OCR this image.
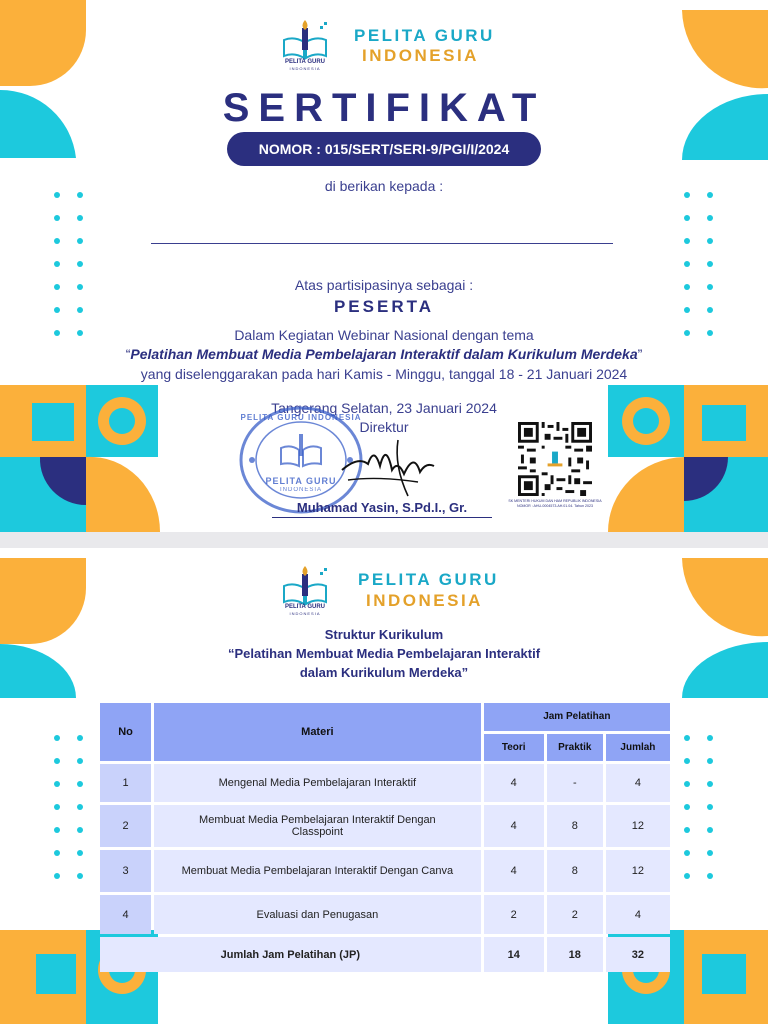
PELITA GURU
INDONESIA
PELITA GURU
INDONESIA
SERTIFIKAT
NOMOR : 015/SERT/SERI-9/PGI/I/2024
di berikan kepada :
Atas partisipasinya sebagai :
PESERTA
Dalam Kegiatan Webinar Nasional dengan tema
“Pelatihan Membuat Media Pembelajaran Interaktif dalam Kurikulum Merdeka”
yang diselenggarakan pada hari Kamis - Minggu, tanggal 18 - 21 Januari 2024
Tangerang Selatan, 23 Januari 2024
Direktur
PELITA GURU INDONESIA
PELITA GURU
INDONESIA
Muhamad Yasin, S.Pd.I., Gr.	SK MENTERI HUKUM DAN HAM REPUBLIK INDONESIA
NOMOR : AHU-0004573.AH.01.04. Tahun 2023
PELITA GURU
INDONESIA
PELITA GURU
INDONESIA
Struktur Kurikulum
“Pelatihan Membuat Media Pembelajaran Interaktif
dalam Kurikulum Merdeka”
No	Materi	Jam Pelatihan		
		Teori	Praktik	Jumlah
1	Mengenal Media Pembelajaran Interaktif	4	-	4
2	Membuat Media Pembelajaran Interaktif Dengan Classpoint	4	8	12
3	Membuat Media Pembelajaran Interaktif Dengan Canva	4	8	12
4	Evaluasi dan Penugasan	2	2	4
Jumlah Jam Pelatihan (JP)		14	18	32
